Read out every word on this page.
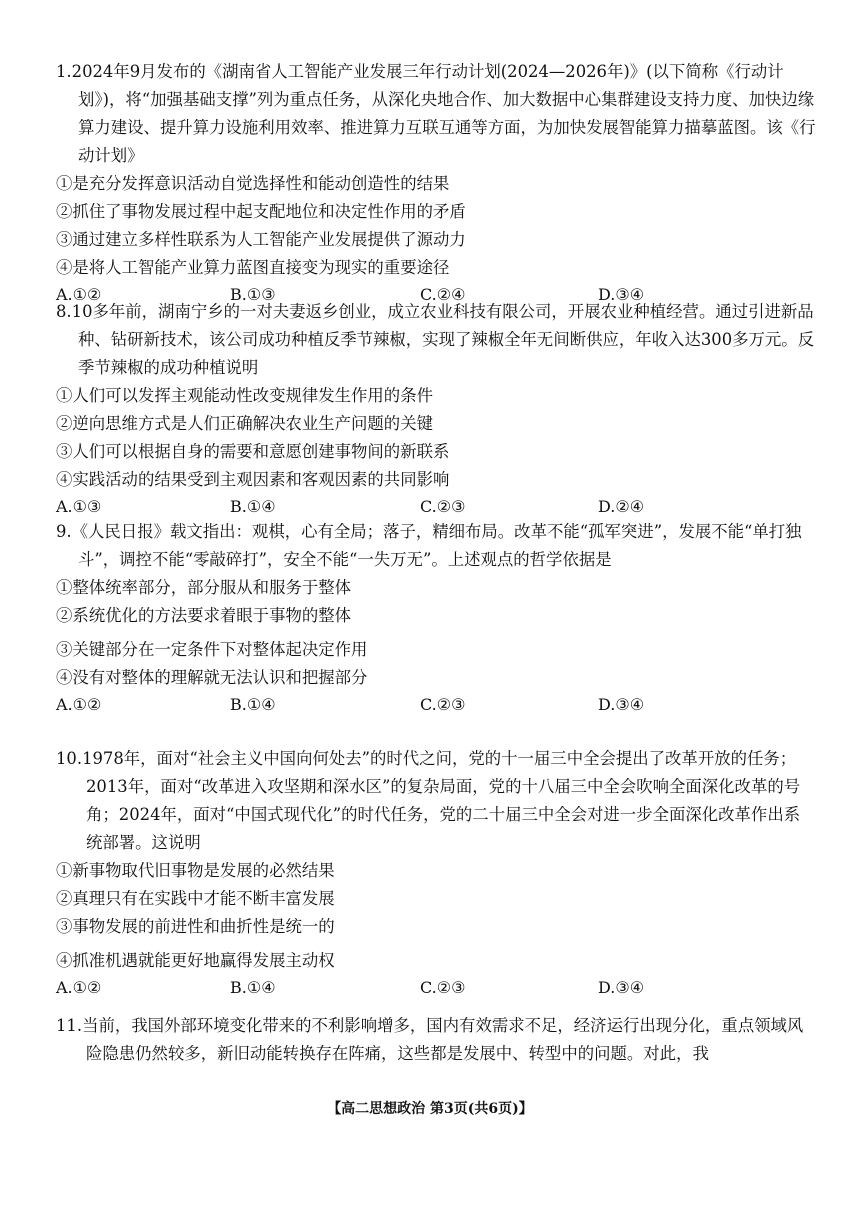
1.2024年9月发布的《湖南省人工智能产业发展三年行动计划(2024—2026年)》(以下简称《行动计划》)，将“加强基础支撑”列为重点任务，从深化央地合作、加大数据中心集群建设支持力度、加快边缘算力建设、提升算力设施利用效率、推进算力互联互通等方面，为加快发展智能算力描摹蓝图。该《行动计划》

①是充分发挥意识活动自觉选择性和能动创造性的结果

②抓住了事物发展过程中起支配地位和决定性作用的矛盾

③通过建立多样性联系为人工智能产业发展提供了源动力

④是将人工智能产业算力蓝图直接变为现实的重要途径

A.①②	B.①③	C.②④	D.③④

8.10多年前，湖南宁乡的一对夫妻返乡创业，成立农业科技有限公司，开展农业种植经营。通过引进新品种、钻研新技术，该公司成功种植反季节辣椒，实现了辣椒全年无间断供应，年收入达300多万元。反季节辣椒的成功种植说明

①人们可以发挥主观能动性改变规律发生作用的条件

②逆向思维方式是人们正确解决农业生产问题的关键

③人们可以根据自身的需要和意愿创建事物间的新联系

④实践活动的结果受到主观因素和客观因素的共同影响

A.①③	B.①④	C.②③	D.②④

9.《人民日报》载文指出：观棋，心有全局；落子，精细布局。改革不能“孤军突进”，发展不能“单打独斗”，调控不能“零敲碎打”，安全不能“一失万无”。上述观点的哲学依据是

①整体统率部分，部分服从和服务于整体

②系统优化的方法要求着眼于事物的整体

③关键部分在一定条件下对整体起决定作用

④没有对整体的理解就无法认识和把握部分

A.①②	B.①④	C.②③	D.③④

10.1978年，面对“社会主义中国向何处去”的时代之问，党的十一届三中全会提出了改革开放的任务；2013年，面对“改革进入攻坚期和深水区”的复杂局面，党的十八届三中全会吹响全面深化改革的号角；2024年，面对“中国式现代化”的时代任务，党的二十届三中全会对进一步全面深化改革作出系统部署。这说明

①新事物取代旧事物是发展的必然结果

②真理只有在实践中才能不断丰富发展

③事物发展的前进性和曲折性是统一的

④抓准机遇就能更好地赢得发展主动权

A.①②	B.①④	C.②③	D.③④

11.当前，我国外部环境变化带来的不利影响增多，国内有效需求不足，经济运行出现分化，重点领域风险隐患仍然较多，新旧动能转换存在阵痛，这些都是发展中、转型中的问题。对此，我

【高二思想政治 第3页(共6页)】
